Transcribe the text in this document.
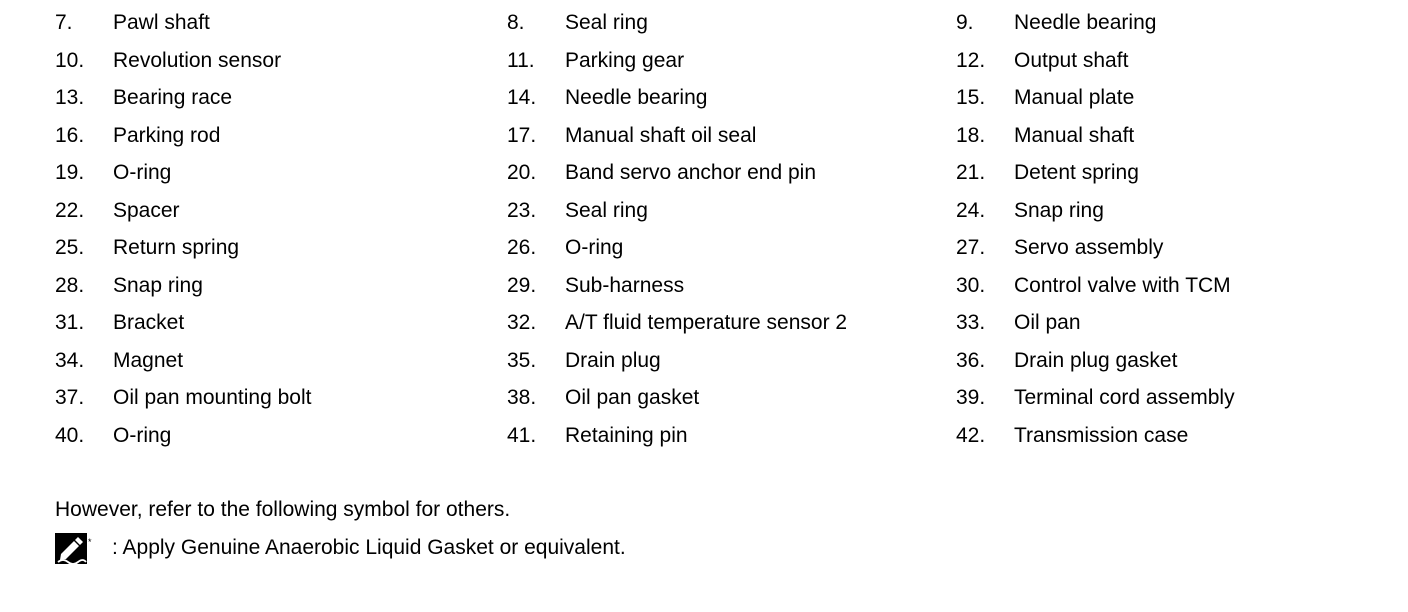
7. Pawl shaft	8. Seal ring	9. Needle bearing
10. Revolution sensor	11. Parking gear	12. Output shaft
13. Bearing race	14. Needle bearing	15. Manual plate
16. Parking rod	17. Manual shaft oil seal	18. Manual shaft
19. O-ring	20. Band servo anchor end pin	21. Detent spring
22. Spacer	23. Seal ring	24. Snap ring
25. Return spring	26. O-ring	27. Servo assembly
28. Snap ring	29. Sub-harness	30. Control valve with TCM
31. Bracket	32. A/T fluid temperature sensor 2	33. Oil pan
34. Magnet	35. Drain plug	36. Drain plug gasket
37. Oil pan mounting bolt	38. Oil pan gasket	39. Terminal cord assembly
40. O-ring	41. Retaining pin	42. Transmission case
However, refer to the following symbol for others.
* : Apply Genuine Anaerobic Liquid Gasket or equivalent.
